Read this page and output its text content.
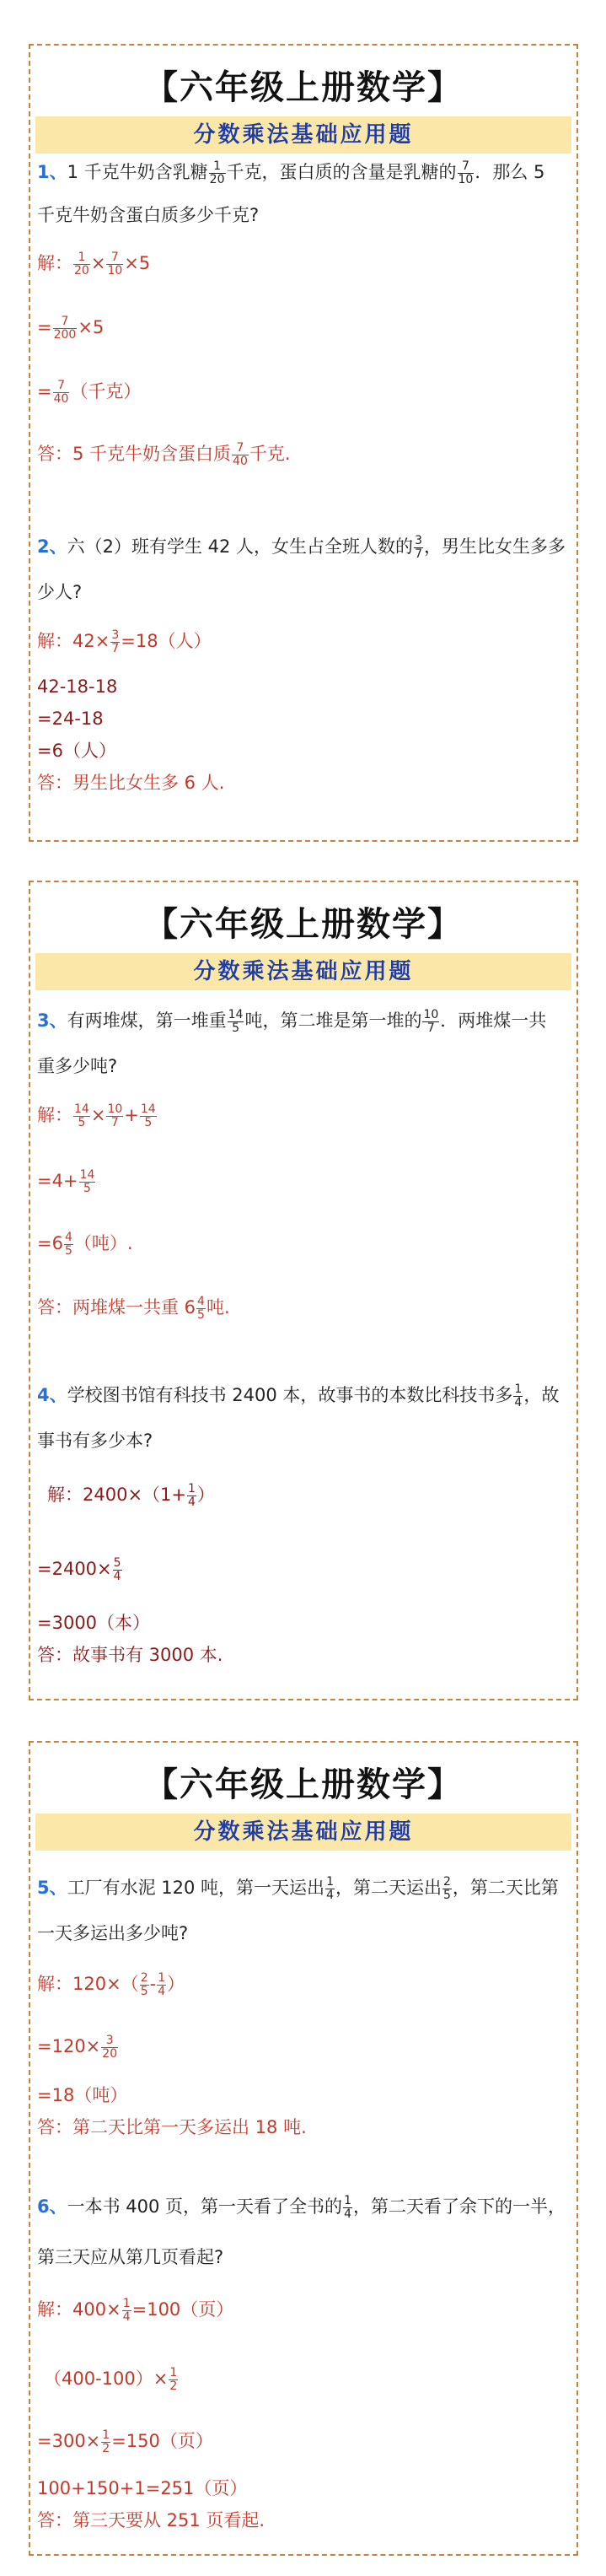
【六年级上册数学】
分数乘法基础应用题
1、1 千克牛奶含乳糖 $\frac{1}{20}$ 千克，蛋白质的含量是乳糖的 $\frac{7}{10}$ ．那么 5
千克牛奶含蛋白质多少千克?
解： $\frac{1}{20} \times \frac{7}{10} \times 5$
= $\frac{7}{200} \times 5$
= $\frac{7}{40}$ （千克）
答：5 千克牛奶含蛋白质 $\frac{7}{40}$ 千克.
2、六（2）班有学生 42 人，女生占全班人数的 $\frac{3}{7}$ ，男生比女生多多
少人?
解：$42\times \frac{3}{7} =18$（人）
42-18-18
=24-18
=6（人）
答：男生比女生多 6 人.
【六年级上册数学】
分数乘法基础应用题
3、有两堆煤，第一堆重 $\frac{14}{5}$ 吨，第二堆是第一堆的 $\frac{10}{7}$ ．两堆煤一共
重多少吨?
解： $\frac{14}{5} \times \frac{10}{7} + \frac{14}{5}$
$=4+ \frac{14}{5}$
$=6 \frac{4}{5}$ （吨）.
答：两堆煤一共重 $6 \frac{4}{5}$ 吨.
4、学校图书馆有科技书 2400 本，故事书的本数比科技书多 $\frac{1}{4}$ ，故
事书有多少本?
解：$2400\times(1+ \frac{1}{4}$ ）
$=2400\times \frac{5}{4}$
=3000（本）
答：故事书有 3000 本.
【六年级上册数学】
分数乘法基础应用题
5、工厂有水泥 120 吨，第一天运出 $\frac{1}{4}$ ，第二天运出 $\frac{2}{5}$ ，第二天比第
一天多运出多少吨?
解：$120\times( \frac{2}{5} - \frac{1}{4}$ ）
$=120\times \frac{3}{20}$
=18（吨）
答：第二天比第一天多运出 18 吨.
6、一本书 400 页，第一天看了全书的 $\frac{1}{4}$ ，第二天看了余下的一半，
第三天应从第几页看起?
解：$400\times \frac{1}{4} =100$（页）
$(400-100)\times \frac{1}{2}$
$=300\times \frac{1}{2} =150$（页）
100+150+1=251（页）
答：第三天要从 251 页看起.
